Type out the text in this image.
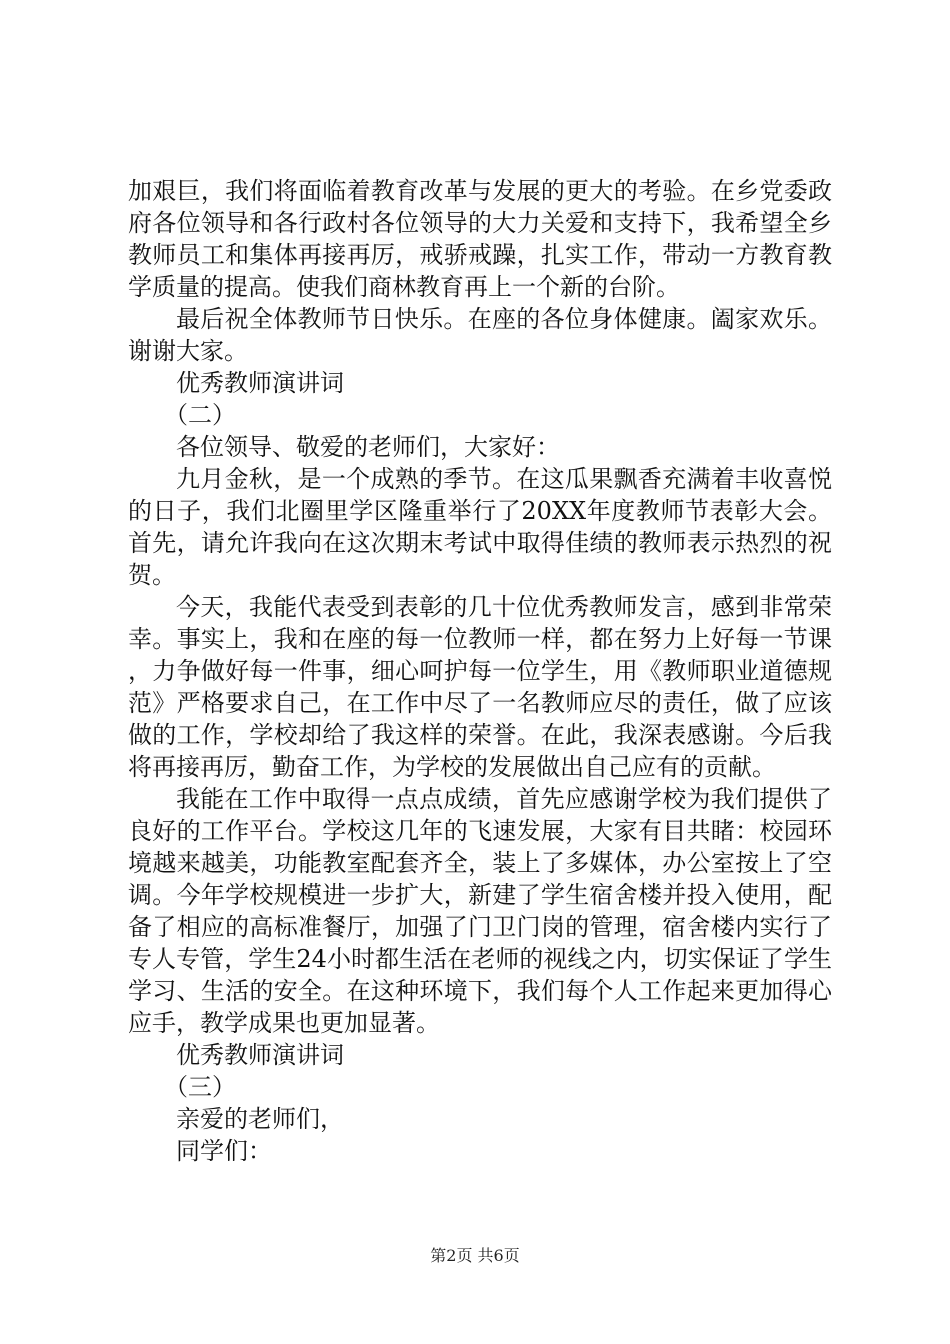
加艰巨，我们将面临着教育改革与发展的更大的考验。在乡党委政府各位领导和各行政村各位领导的大力关爱和支持下，我希望全乡教师员工和集体再接再厉，戒骄戒躁，扎实工作，带动一方教育教学质量的提高。使我们商林教育再上一个新的台阶。

最后祝全体教师节日快乐。在座的各位身体健康。阖家欢乐。谢谢大家。

优秀教师演讲词

（二）

各位领导、敬爱的老师们，大家好：

九月金秋，是一个成熟的季节。在这瓜果飘香充满着丰收喜悦的日子，我们北圈里学区隆重举行了20XX年度教师节表彰大会。首先，请允许我向在这次期末考试中取得佳绩的教师表示热烈的祝贺。

今天，我能代表受到表彰的几十位优秀教师发言，感到非常荣幸。事实上，我和在座的每一位教师一样，都在努力上好每一节课，力争做好每一件事，细心呵护每一位学生，用《教师职业道德规范》严格要求自己，在工作中尽了一名教师应尽的责任，做了应该做的工作，学校却给了我这样的荣誉。在此，我深表感谢。今后我将再接再厉，勤奋工作，为学校的发展做出自己应有的贡献。

我能在工作中取得一点点成绩，首先应感谢学校为我们提供了良好的工作平台。学校这几年的飞速发展，大家有目共睹：校园环境越来越美，功能教室配套齐全，装上了多媒体，办公室按上了空调。今年学校规模进一步扩大，新建了学生宿舍楼并投入使用，配备了相应的高标准餐厅，加强了门卫门岗的管理，宿舍楼内实行了专人专管，学生24小时都生活在老师的视线之内，切实保证了学生学习、生活的安全。在这种环境下，我们每个人工作起来更加得心应手，教学成果也更加显著。

优秀教师演讲词

（三）

亲爱的老师们，

同学们：

第2页 共6页
